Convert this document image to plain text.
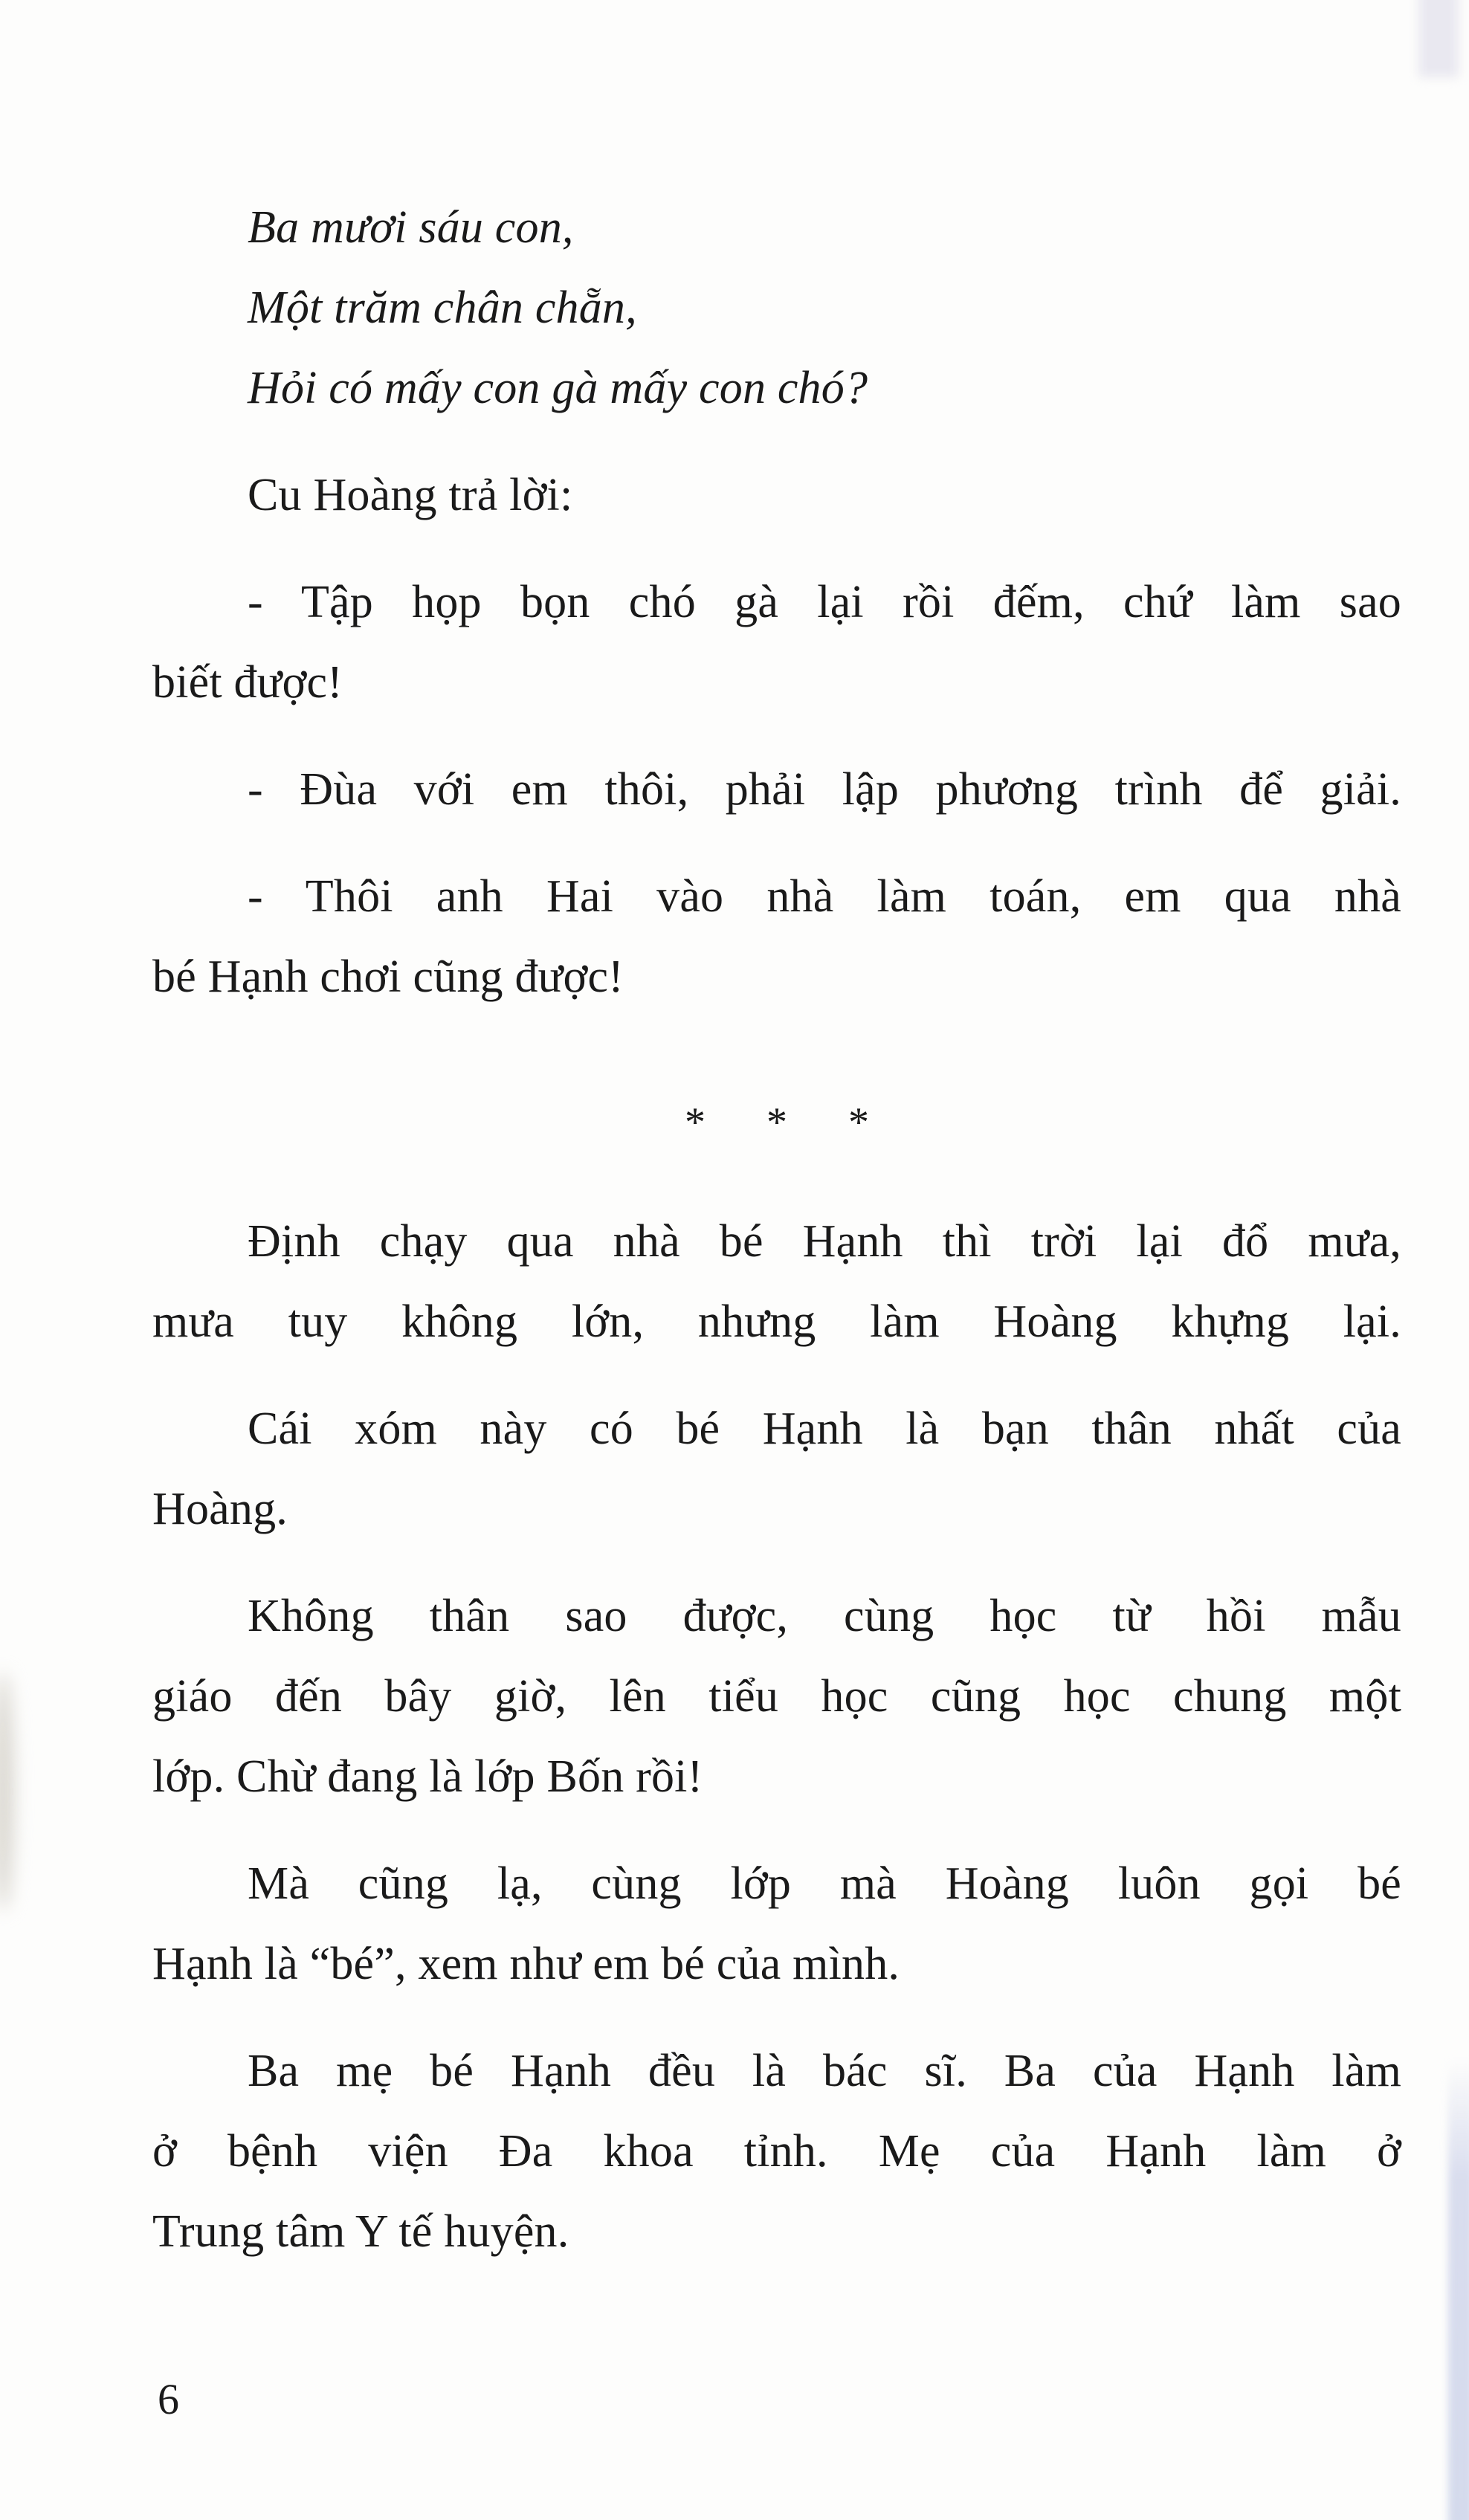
Ba mươi sáu con,
Một trăm chân chẵn,
Hỏi có mấy con gà mấy con chó?
Cu Hoàng trả lời:
- Tập họp bọn chó gà lại rồi đếm, chứ làm sao
biết được!
- Đùa với em thôi, phải lập phương trình để giải.
- Thôi anh Hai vào nhà làm toán, em qua nhà
bé Hạnh chơi cũng được!
* * *
Định chạy qua nhà bé Hạnh thì trời lại đổ mưa,
mưa tuy không lớn, nhưng làm Hoàng khựng lại.
Cái xóm này có bé Hạnh là bạn thân nhất của
Hoàng.
Không thân sao được, cùng học từ hồi mẫu
giáo đến bây giờ, lên tiểu học cũng học chung một
lớp. Chừ đang là lớp Bốn rồi!
Mà cũng lạ, cùng lớp mà Hoàng luôn gọi bé
Hạnh là “bé”, xem như em bé của mình.
Ba mẹ bé Hạnh đều là bác sĩ. Ba của Hạnh làm
ở bệnh viện Đa khoa tỉnh. Mẹ của Hạnh làm ở
Trung tâm Y tế huyện.
6
